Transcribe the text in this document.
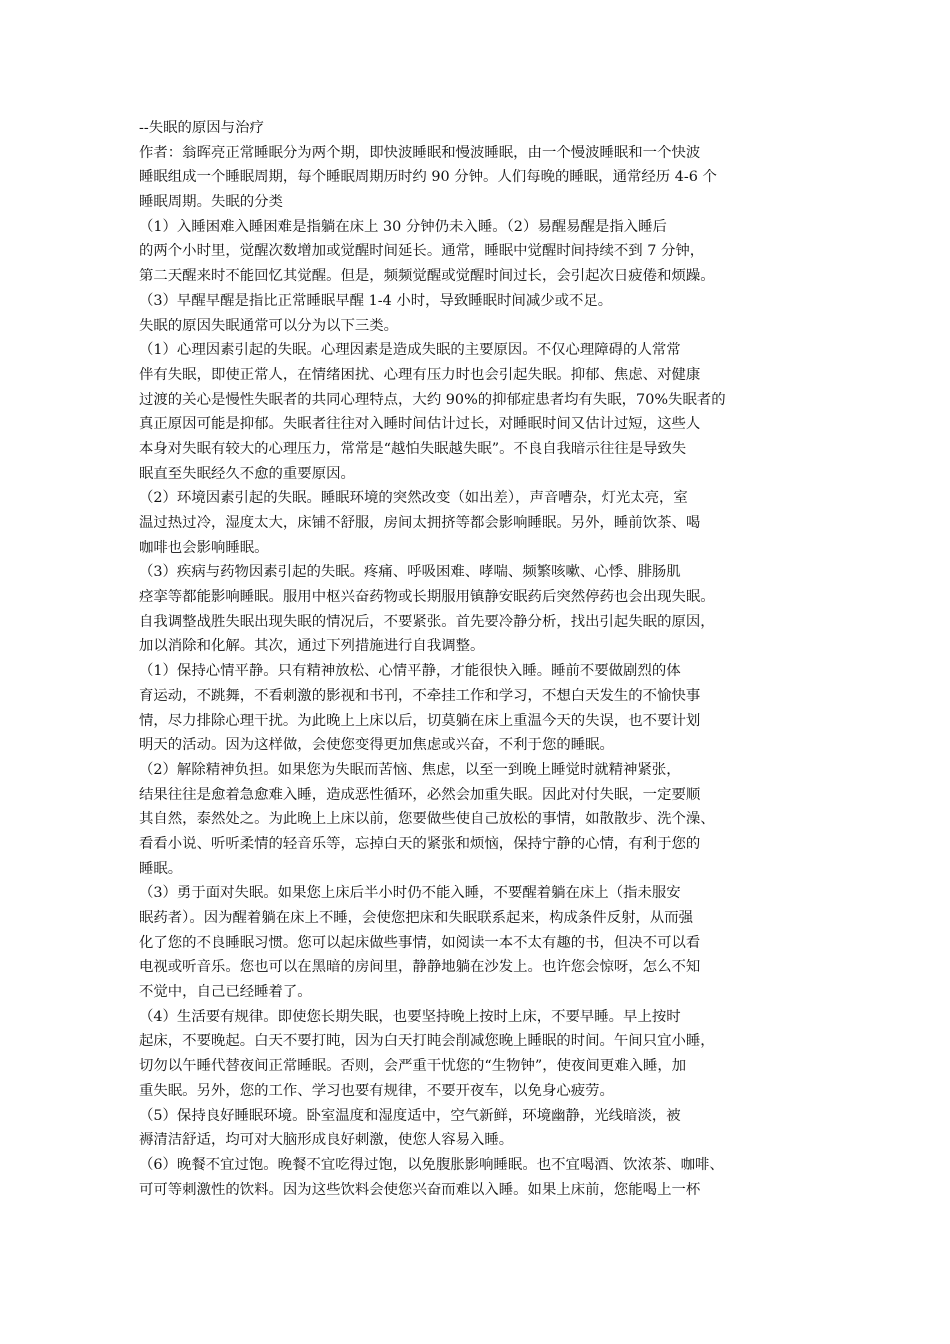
--失眠的原因与治疗
作者：翁晖亮正常睡眠分为两个期，即快波睡眠和慢波睡眠，由一个慢波睡眠和一个快波
睡眠组成一个睡眠周期，每个睡眠周期历时约 90 分钟。人们每晚的睡眠，通常经历 4-6 个
睡眠周期。失眠的分类
（1）入睡困难入睡困难是指躺在床上 30 分钟仍未入睡。（2）易醒易醒是指入睡后
的两个小时里，觉醒次数增加或觉醒时间延长。通常，睡眠中觉醒时间持续不到 7 分钟，
第二天醒来时不能回忆其觉醒。但是，频频觉醒或觉醒时间过长，会引起次日疲倦和烦躁。
（3）早醒早醒是指比正常睡眠早醒 1-4 小时，导致睡眠时间减少或不足。
失眠的原因失眠通常可以分为以下三类。
（1）心理因素引起的失眠。心理因素是造成失眠的主要原因。不仅心理障碍的人常常
伴有失眠，即使正常人，在情绪困扰、心理有压力时也会引起失眠。抑郁、焦虑、对健康
过渡的关心是慢性失眠者的共同心理特点，大约 90%的抑郁症患者均有失眠，70%失眠者的
真正原因可能是抑郁。失眠者往往对入睡时间估计过长，对睡眠时间又估计过短，这些人
本身对失眠有较大的心理压力，常常是“越怕失眠越失眠”。不良自我暗示往往是导致失
眠直至失眠经久不愈的重要原因。
（2）环境因素引起的失眠。睡眠环境的突然改变（如出差），声音嘈杂，灯光太亮，室
温过热过冷，湿度太大，床铺不舒服，房间太拥挤等都会影响睡眠。另外，睡前饮茶、喝
咖啡也会影响睡眠。
（3）疾病与药物因素引起的失眠。疼痛、呼吸困难、哮喘、频繁咳嗽、心悸、腓肠肌
痉挛等都能影响睡眠。服用中枢兴奋药物或长期服用镇静安眠药后突然停药也会出现失眠。
自我调整战胜失眠出现失眠的情况后，不要紧张。首先要冷静分析，找出引起失眠的原因，
加以消除和化解。其次，通过下列措施进行自我调整。
（1）保持心情平静。只有精神放松、心情平静，才能很快入睡。睡前不要做剧烈的体
育运动，不跳舞，不看刺激的影视和书刊，不牵挂工作和学习，不想白天发生的不愉快事
情，尽力排除心理干扰。为此晚上上床以后，切莫躺在床上重温今天的失误，也不要计划
明天的活动。因为这样做，会使您变得更加焦虑或兴奋，不利于您的睡眠。
（2）解除精神负担。如果您为失眠而苦恼、焦虑，以至一到晚上睡觉时就精神紧张，
结果往往是愈着急愈难入睡，造成恶性循环，必然会加重失眠。因此对付失眠，一定要顺
其自然，泰然处之。为此晚上上床以前，您要做些使自己放松的事情，如散散步、洗个澡、
看看小说、听听柔情的轻音乐等，忘掉白天的紧张和烦恼，保持宁静的心情，有利于您的
睡眠。
（3）勇于面对失眠。如果您上床后半小时仍不能入睡，不要醒着躺在床上（指未服安
眠药者）。因为醒着躺在床上不睡，会使您把床和失眠联系起来，构成条件反射，从而强
化了您的不良睡眠习惯。您可以起床做些事情，如阅读一本不太有趣的书，但决不可以看
电视或听音乐。您也可以在黑暗的房间里，静静地躺在沙发上。也许您会惊呀，怎么不知
不觉中，自己已经睡着了。
（4）生活要有规律。即使您长期失眠，也要坚持晚上按时上床，不要早睡。早上按时
起床，不要晚起。白天不要打盹，因为白天打盹会削减您晚上睡眠的时间。午间只宜小睡，
切勿以午睡代替夜间正常睡眠。否则，会严重干忧您的“生物钟”，使夜间更难入睡，加
重失眠。另外，您的工作、学习也要有规律，不要开夜车，以免身心疲劳。
（5）保持良好睡眠环境。卧室温度和湿度适中，空气新鲜，环境幽静，光线暗淡，被
褥清洁舒适，均可对大脑形成良好刺激，使您人容易入睡。
（6）晚餐不宜过饱。晚餐不宜吃得过饱，以免腹胀影响睡眠。也不宜喝酒、饮浓茶、咖啡、
可可等刺激性的饮料。因为这些饮料会使您兴奋而难以入睡。如果上床前，您能喝上一杯
